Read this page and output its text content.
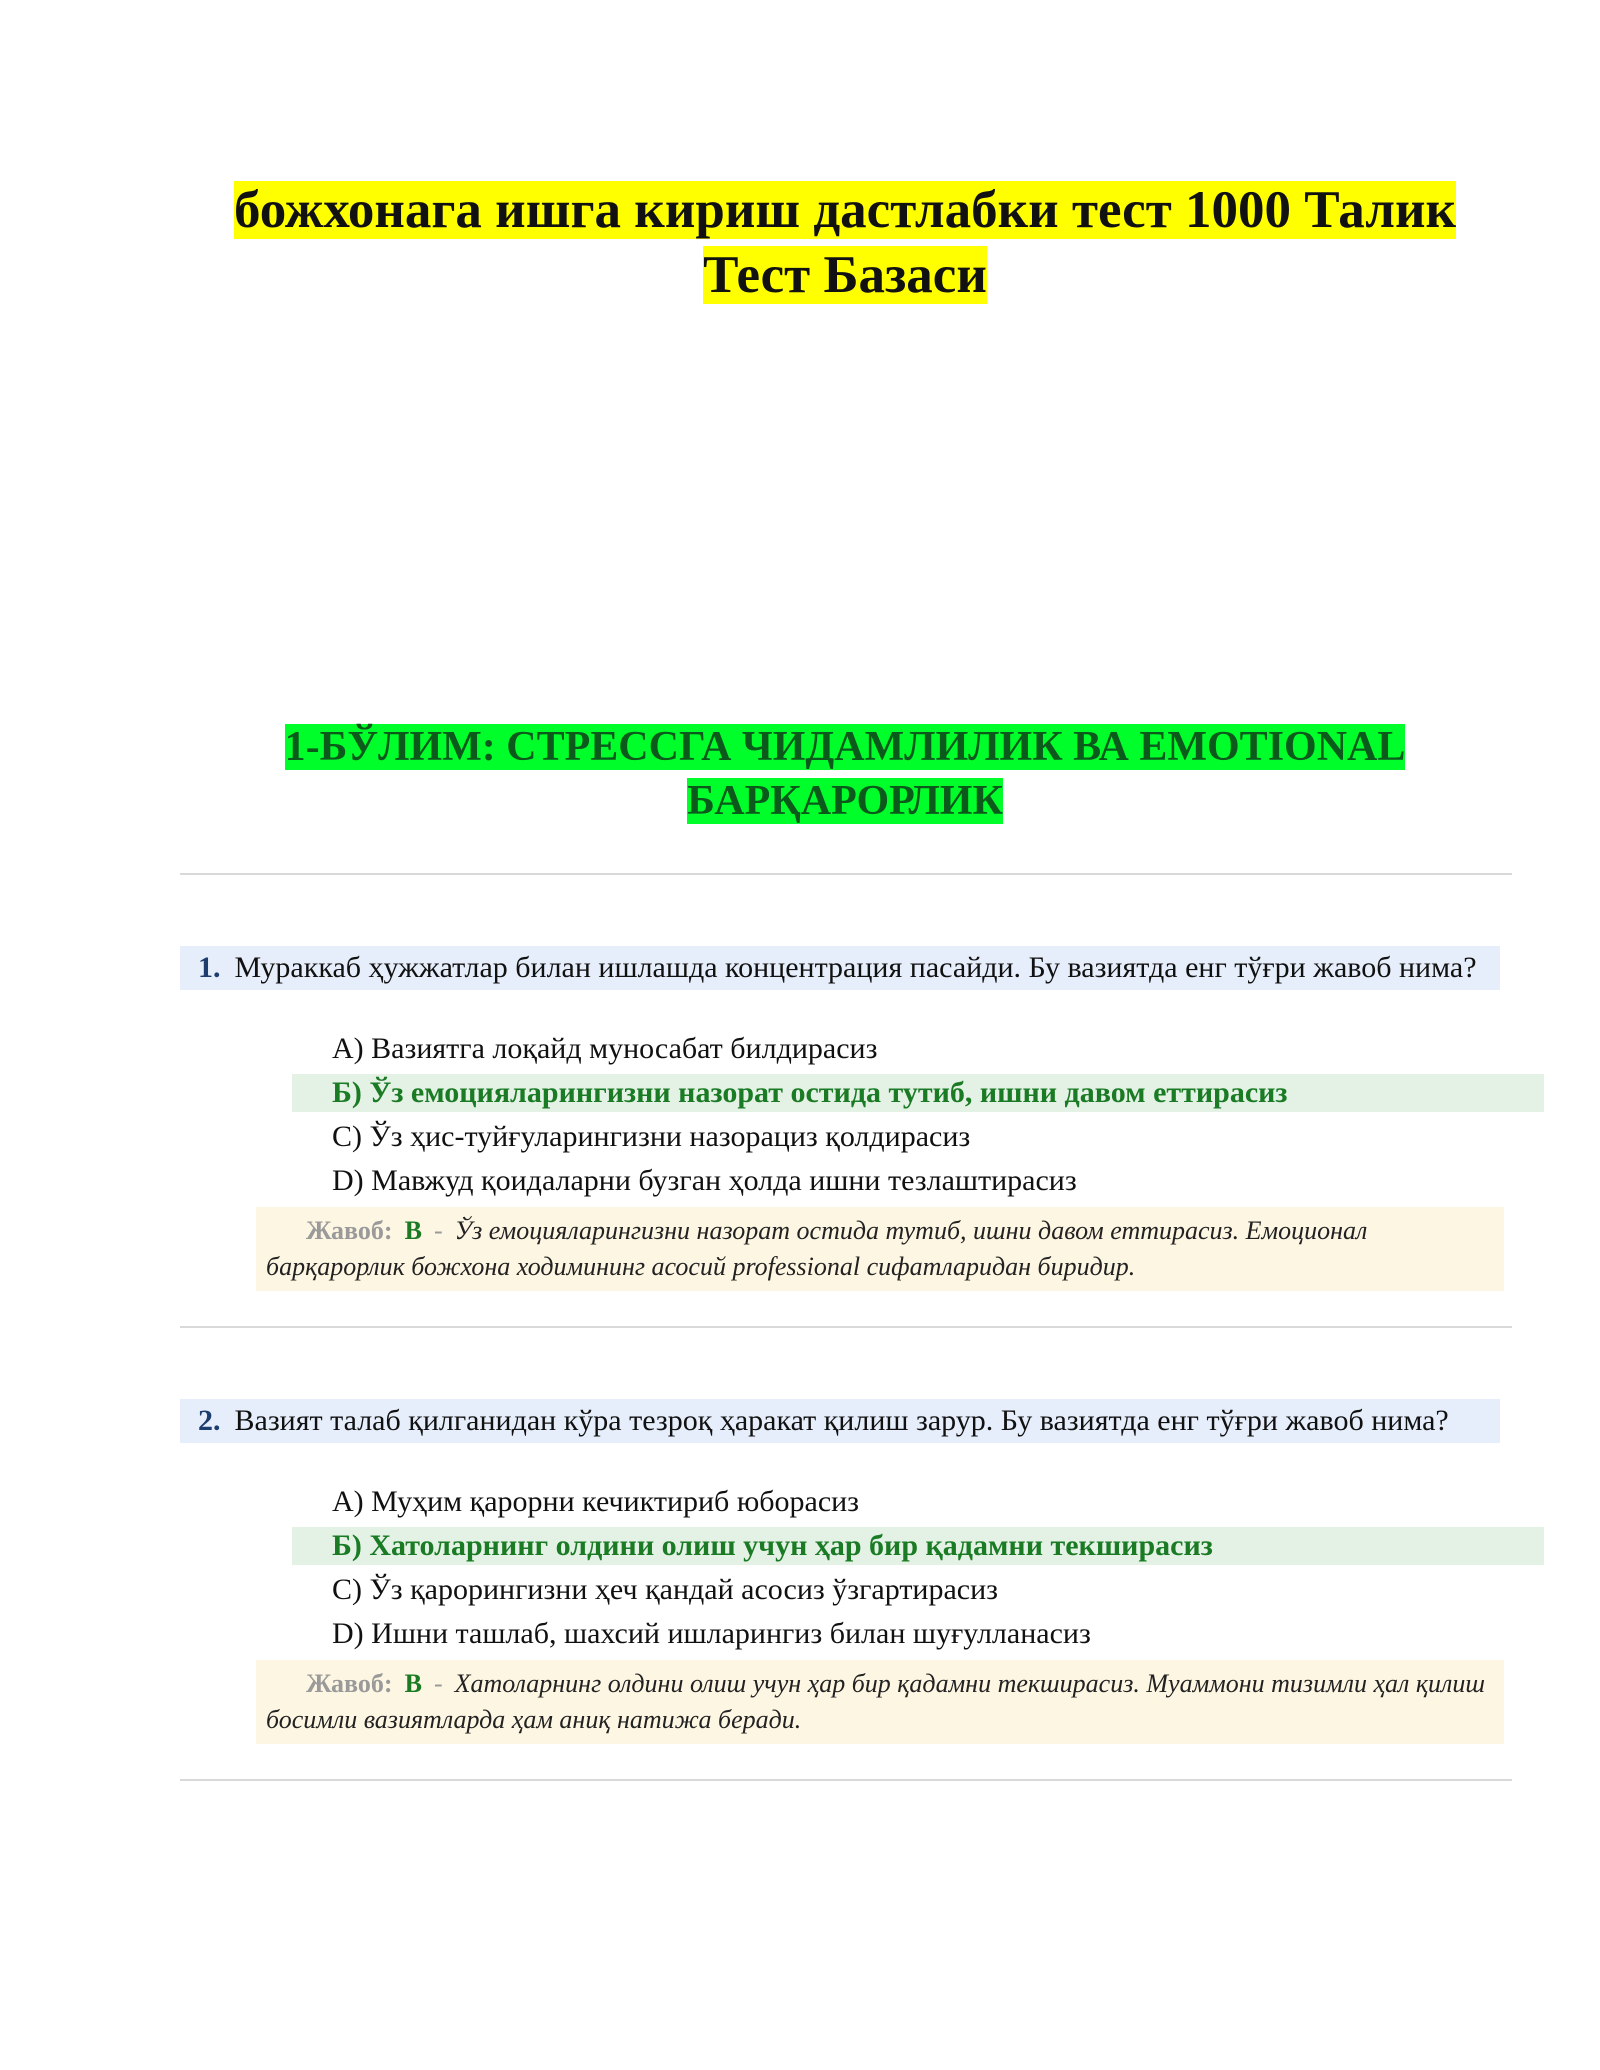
божхонага ишга кириш дастлабки тест 1000 Талик
Тест Базаси
1-БЎЛИМ: СТРЕССГА ЧИДАМЛИЛИК ВА EMOTIONAL
БАРҚАРОРЛИК
1. Мураккаб ҳужжатлар билан ишлашда концентрация пасайди. Бу вазиятда енг тўғри жавоб нима?
A) Вазиятга лоқайд муносабат билдирасиз
Б) Ўз емоцияларингизни назорат остида тутиб, ишни давом еттирасиз
C) Ўз ҳис-туйғуларингизни назорациз қолдирасиз
D) Мавжуд қоидаларни бузган ҳолда ишни тезлаштирасиз
Жавоб: B - Ўз емоцияларингизни назорат остида тутиб, ишни давом еттирасиз. Емоционал барқарорлик божхона ходимининг асосий professional сифатларидан биридир.
2. Вазият талаб қилганидан кўра тезроқ ҳаракат қилиш зарур. Бу вазиятда енг тўғри жавоб нима?
A) Муҳим қарорни кечиктириб юборасиз
Б) Хатоларнинг олдини олиш учун ҳар бир қадамни текширасиз
C) Ўз қарорингизни ҳеч қандай асосиз ўзгартирасиз
D) Ишни ташлаб, шахсий ишларингиз билан шуғулланасиз
Жавоб: B - Хатоларнинг олдини олиш учун ҳар бир қадамни текширасиз. Муаммони тизимли ҳал қилиш босимли вазиятларда ҳам аниқ натижа беради.
